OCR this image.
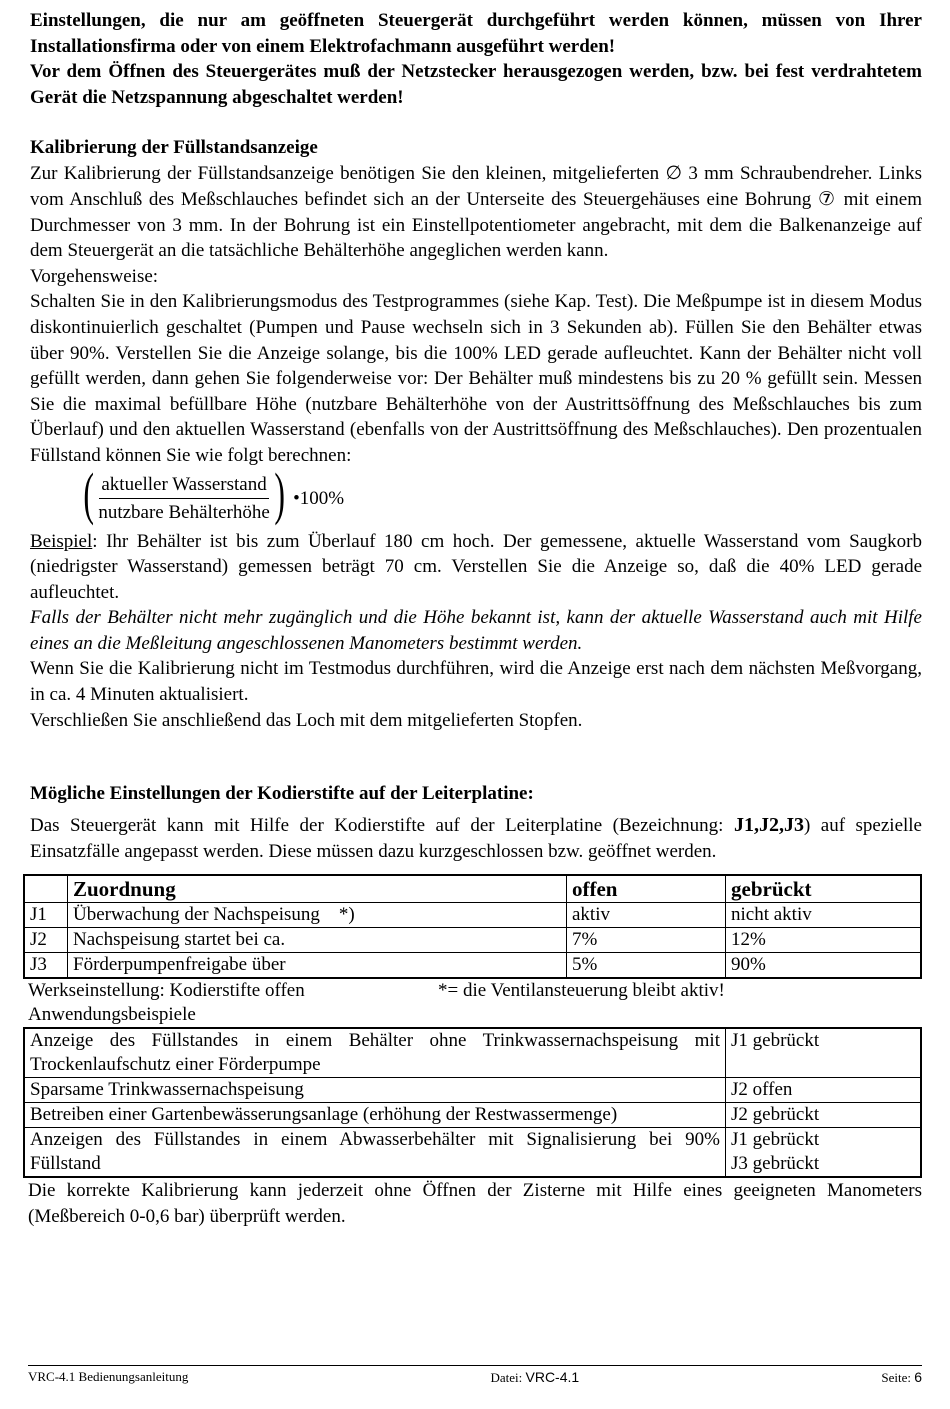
Einstellungen, die nur am geöffneten Steuergerät durchgeführt werden können, müssen von Ihrer Installationsfirma oder von einem Elektrofachmann ausgeführt werden!

Vor dem Öffnen des Steuergerätes muß der Netzstecker herausgezogen werden, bzw. bei fest verdrahtetem Gerät die Netzspannung abgeschaltet werden!

Kalibrierung der Füllstandsanzeige

Zur Kalibrierung der Füllstandsanzeige benötigen Sie den kleinen, mitgelieferten ∅ 3 mm Schraubendreher. Links vom Anschluß des Meßschlauches befindet sich an der Unterseite des Steuergehäuses eine Bohrung ⑦ mit einem Durchmesser von 3 mm. In der Bohrung ist ein Einstellpotentiometer angebracht, mit dem die Balkenanzeige auf dem Steuergerät an die tatsächliche Behälterhöhe angeglichen werden kann.

Vorgehensweise:

Schalten Sie in den Kalibrierungsmodus des Testprogrammes (siehe Kap. Test). Die Meßpumpe ist in diesem Modus diskontinuierlich geschaltet (Pumpen und Pause wechseln sich in 3 Sekunden ab). Füllen Sie den Behälter etwas über 90%. Verstellen Sie die Anzeige solange, bis die 100% LED gerade aufleuchtet. Kann der Behälter nicht voll gefüllt werden, dann gehen Sie folgenderweise vor: Der Behälter muß mindestens bis zu 20 % gefüllt sein. Messen Sie die maximal befüllbare Höhe (nutzbare Behälterhöhe von der Austrittsöffnung des Meßschlauches bis zum Überlauf) und den aktuellen Wasserstand (ebenfalls von der Austrittsöffnung des Meßschlauches). Den prozentualen Füllstand können Sie wie folgt berechnen:

( $\frac{\text{aktueller Wasserstand}}{\text{nutzbare Behälterhöhe}}$ ) •100%

Beispiel: Ihr Behälter ist bis zum Überlauf 180 cm hoch. Der gemessene, aktuelle Wasserstand vom Saugkorb (niedrigster Wasserstand) gemessen beträgt 70 cm. Verstellen Sie die Anzeige so, daß die 40% LED gerade aufleuchtet.

Falls der Behälter nicht mehr zugänglich und die Höhe bekannt ist, kann der aktuelle Wasserstand auch mit Hilfe eines an die Meßleitung angeschlossenen Manometers bestimmt werden.

Wenn Sie die Kalibrierung nicht im Testmodus durchführen, wird die Anzeige erst nach dem nächsten Meßvorgang, in ca. 4 Minuten aktualisiert.

Verschließen Sie anschließend das Loch mit dem mitgelieferten Stopfen.

Mögliche Einstellungen der Kodierstifte auf der Leiterplatine:

Das Steuergerät kann mit Hilfe der Kodierstifte auf der Leiterplatine (Bezeichnung: J1,J2,J3) auf spezielle Einsatzfälle angepasst werden. Diese müssen dazu kurzgeschlossen bzw. geöffnet werden.

	Zuordnung	offen	gebrückt
J1	Überwachung der Nachspeisung    *)	aktiv	nicht aktiv
J2	Nachspeisung startet bei ca.	7%	12%
J3	Förderpumpenfreigabe über	5%	90%
Werkseinstellung: Kodierstifte offen	*= die Ventilansteuerung bleibt aktiv!

Anwendungsbeispiele

Anzeige des Füllstandes in einem Behälter ohne Trinkwassernachspeisung mit Trockenlaufschutz einer Förderpumpe	J1 gebrückt
Sparsame Trinkwassernachspeisung	J2 offen
Betreiben einer Gartenbewässerungsanlage (erhöhung der Restwassermenge)	J2 gebrückt
Anzeigen des Füllstandes in einem Abwasserbehälter mit Signalisierung bei 90% Füllstand	J1 gebrückt
J3 gebrückt

Die korrekte Kalibrierung kann jederzeit ohne Öffnen der Zisterne mit Hilfe eines geeigneten Manometers (Meßbereich 0-0,6 bar) überprüft werden.

VRC-4.1 Bedienungsanleitung	Datei: VRC-4.1	Seite: 6
